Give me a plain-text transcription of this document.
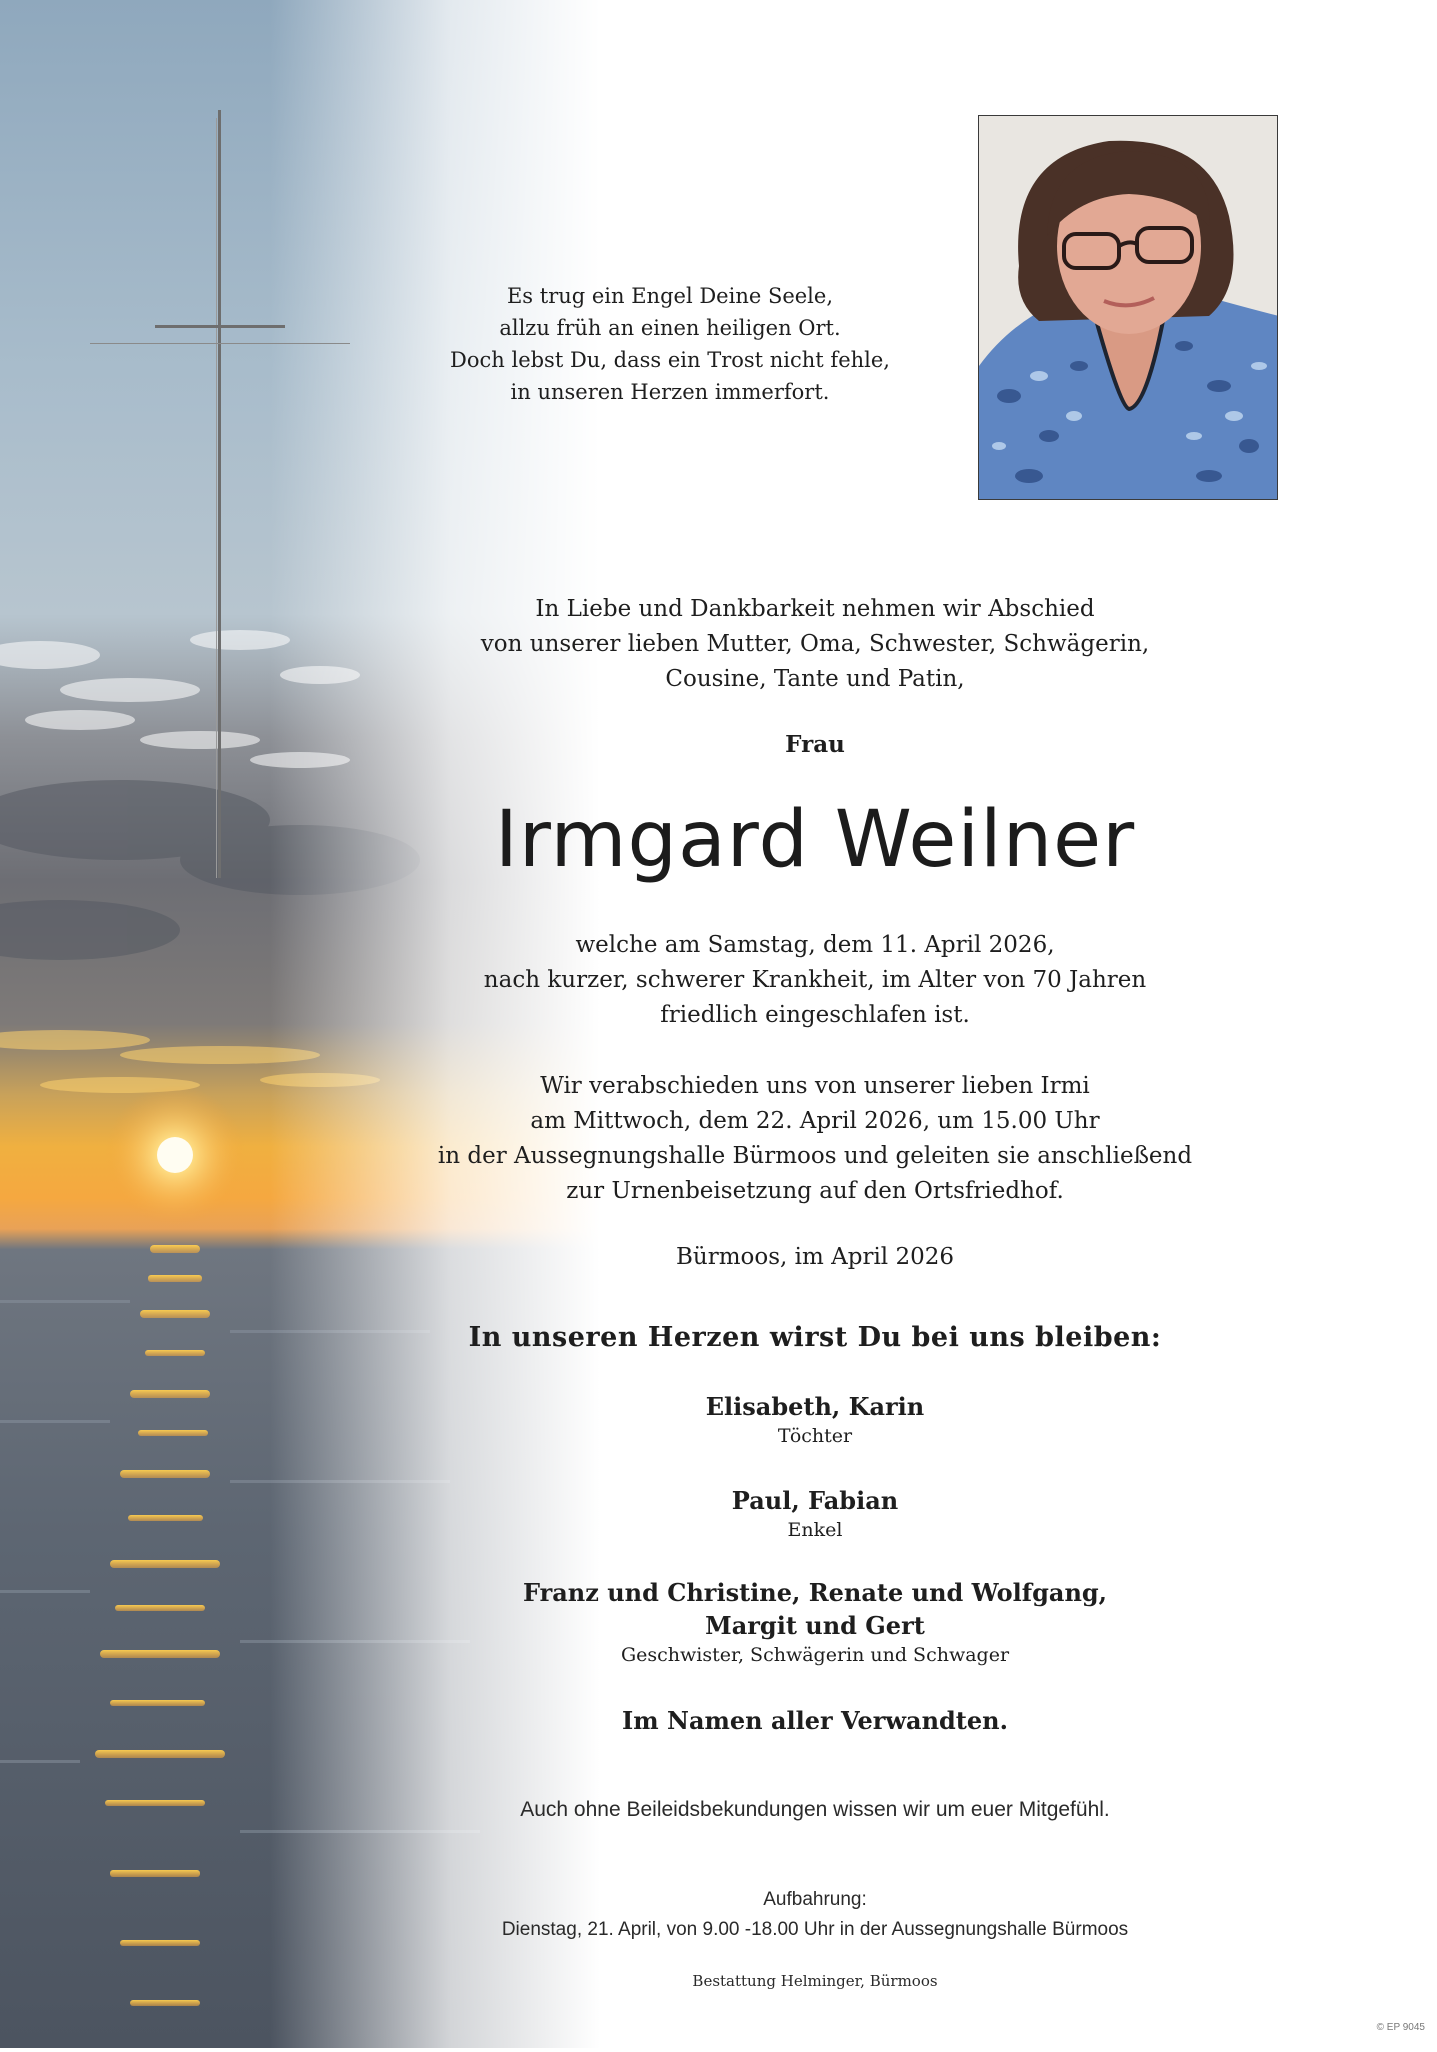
Es trug ein Engel Deine Seele,
allzu früh an einen heiligen Ort.
Doch lebst Du, dass ein Trost nicht fehle,
in unseren Herzen immerfort.
In Liebe und Dankbarkeit nehmen wir Abschied
von unserer lieben Mutter, Oma, Schwester, Schwägerin,
Cousine, Tante und Patin,
Frau
Irmgard Weilner
welche am Samstag, dem 11. April 2026,
nach kurzer, schwerer Krankheit, im Alter von 70 Jahren
friedlich eingeschlafen ist.
Wir verabschieden uns von unserer lieben Irmi
am Mittwoch, dem 22. April 2026, um 15.00 Uhr
in der Aussegnungshalle Bürmoos und geleiten sie anschließend
zur Urnenbeisetzung auf den Ortsfriedhof.
Bürmoos, im April 2026
In unseren Herzen wirst Du bei uns bleiben:
Elisabeth, Karin
Töchter
Paul, Fabian
Enkel
Franz und Christine, Renate und Wolfgang,
Margit und Gert
Geschwister, Schwägerin und Schwager
Im Namen aller Verwandten.
Auch ohne Beileidsbekundungen wissen wir um euer Mitgefühl.
Aufbahrung:
Dienstag, 21. April, von 9.00 -18.00 Uhr in der Aussegnungshalle Bürmoos
Bestattung Helminger, Bürmoos
© EP 9045
